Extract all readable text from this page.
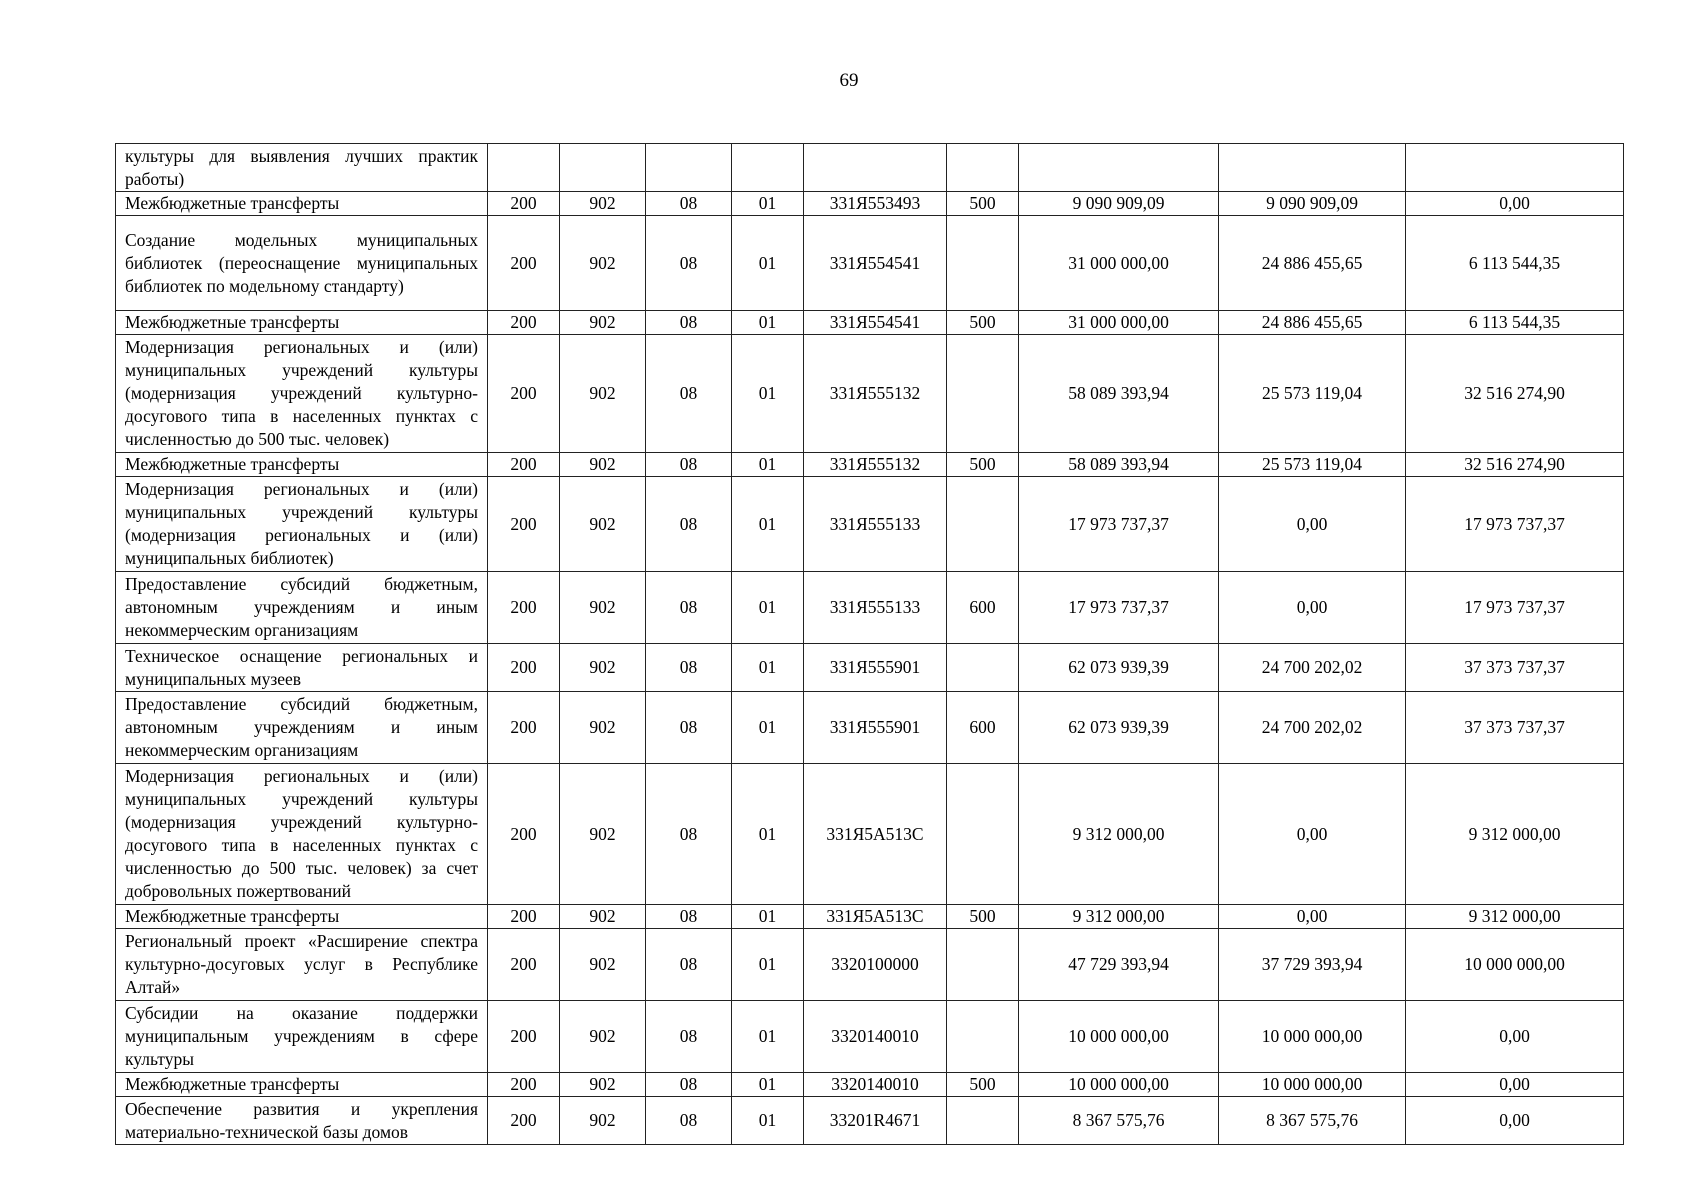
69
культуры для выявления лучших практик работы)									
Межбюджетные трансферты	200	902	08	01	331Я553493	500	9 090 909,09	9 090 909,09	0,00
Создание модельных муниципальных библиотек (переоснащение муниципальных библиотек по модельному стандарту)	200	902	08	01	331Я554541		31 000 000,00	24 886 455,65	6 113 544,35
Межбюджетные трансферты	200	902	08	01	331Я554541	500	31 000 000,00	24 886 455,65	6 113 544,35
Модернизация региональных и (или) муниципальных учреждений культуры (модернизация учреждений культурно-досугового типа в населенных пунктах с численностью до 500 тыс. человек)	200	902	08	01	331Я555132		58 089 393,94	25 573 119,04	32 516 274,90
Межбюджетные трансферты	200	902	08	01	331Я555132	500	58 089 393,94	25 573 119,04	32 516 274,90
Модернизация региональных и (или) муниципальных учреждений культуры (модернизация региональных и (или) муниципальных библиотек)	200	902	08	01	331Я555133		17 973 737,37	0,00	17 973 737,37
Предоставление субсидий бюджетным, автономным учреждениям и иным некоммерческим организациям	200	902	08	01	331Я555133	600	17 973 737,37	0,00	17 973 737,37
Техническое оснащение региональных и муниципальных музеев	200	902	08	01	331Я555901		62 073 939,39	24 700 202,02	37 373 737,37
Предоставление субсидий бюджетным, автономным учреждениям и иным некоммерческим организациям	200	902	08	01	331Я555901	600	62 073 939,39	24 700 202,02	37 373 737,37
Модернизация региональных и (или) муниципальных учреждений культуры (модернизация учреждений культурно-досугового типа в населенных пунктах с численностью до 500 тыс. человек) за счет добровольных пожертвований	200	902	08	01	331Я5А513С		9 312 000,00	0,00	9 312 000,00
Межбюджетные трансферты	200	902	08	01	331Я5А513С	500	9 312 000,00	0,00	9 312 000,00
Региональный проект «Расширение спектра культурно-досуговых услуг в Республике Алтай»	200	902	08	01	3320100000		47 729 393,94	37 729 393,94	10 000 000,00
Субсидии на оказание поддержки муниципальным учреждениям в сфере культуры	200	902	08	01	3320140010		10 000 000,00	10 000 000,00	0,00
Межбюджетные трансферты	200	902	08	01	3320140010	500	10 000 000,00	10 000 000,00	0,00
Обеспечение развития и укрепления материально-технической базы домов	200	902	08	01	33201R4671		8 367 575,76	8 367 575,76	0,00
